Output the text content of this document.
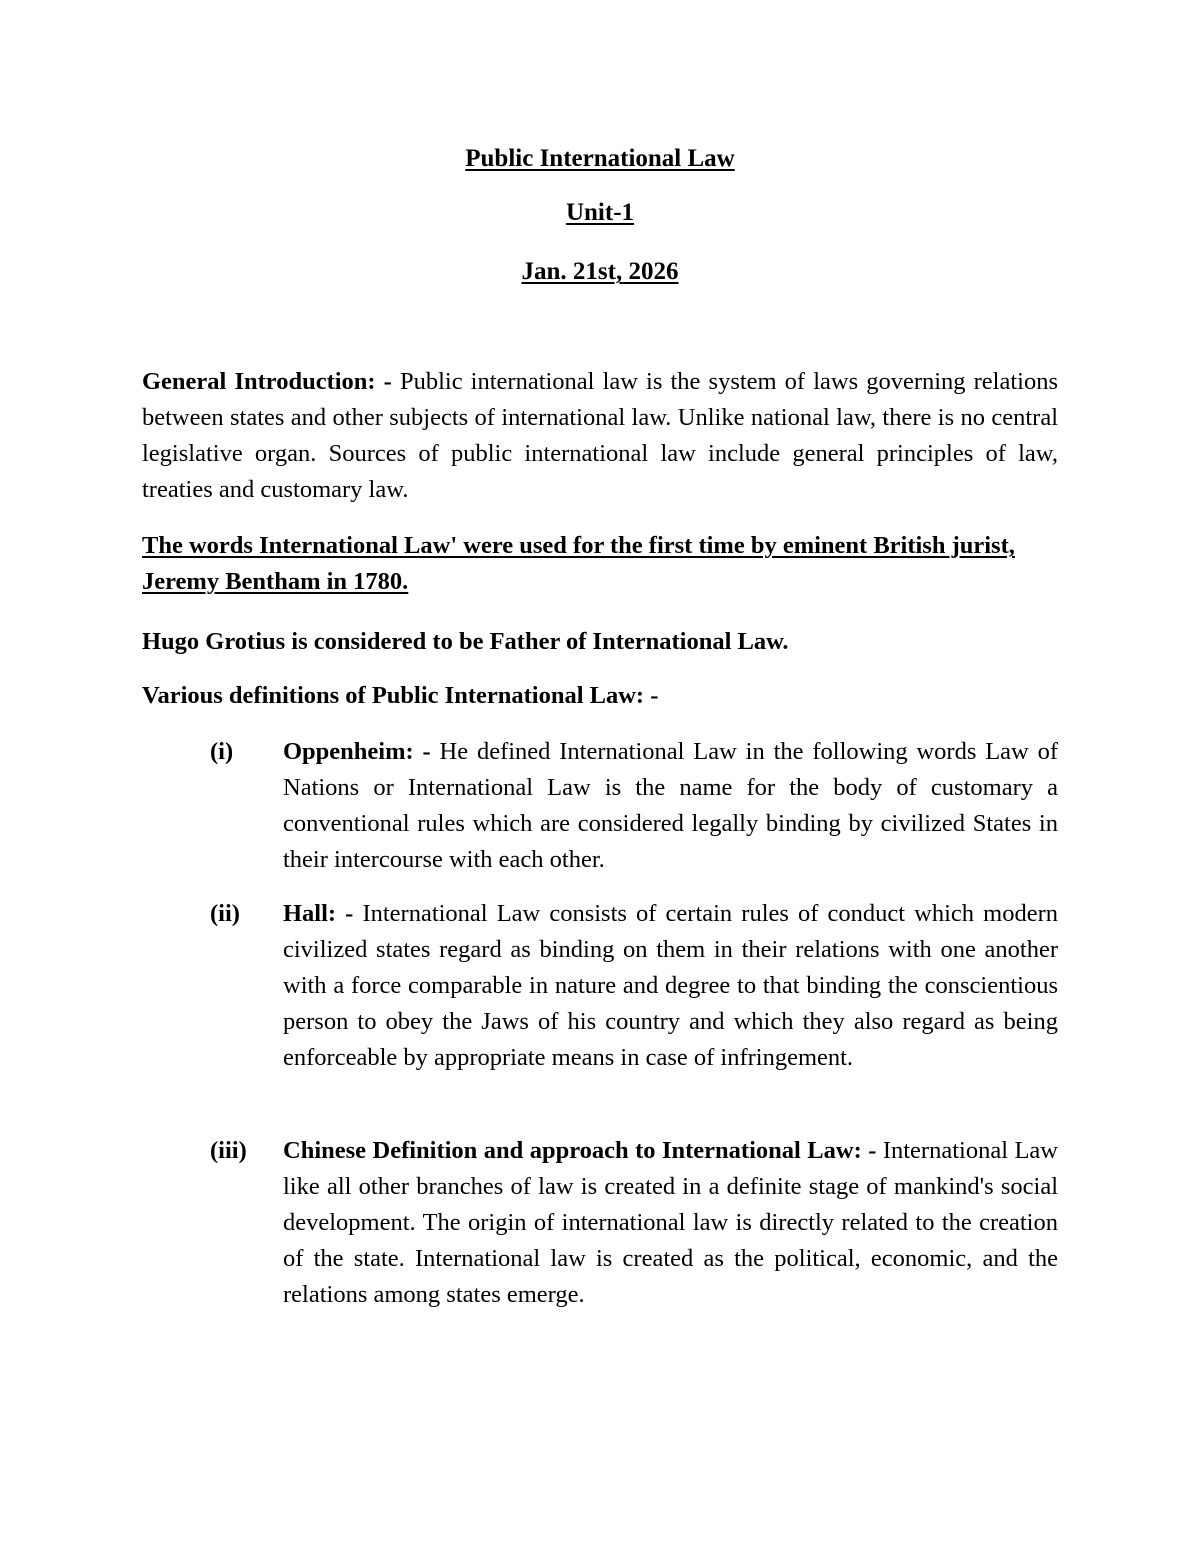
Public International Law
Unit-1
Jan. 21st, 2026

General Introduction: - Public international law is the system of laws governing relations between states and other subjects of international law. Unlike national law, there is no central legislative organ. Sources of public international law include general principles of law, treaties and customary law.

The words International Law' were used for the first time by eminent British jurist, Jeremy Bentham in 1780.

Hugo Grotius is considered to be Father of International Law.

Various definitions of Public International Law: -

(i)	Oppenheim: - He defined International Law in the following words Law of Nations or International Law is the name for the body of customary a conventional rules which are considered legally binding by civilized States in their intercourse with each other.

(ii)	Hall: - International Law consists of certain rules of conduct which modern civilized states regard as binding on them in their relations with one another with a force comparable in nature and degree to that binding the conscientious person to obey the Jaws of his country and which they also regard as being enforceable by appropriate means in case of infringement.

(iii)	Chinese Definition and approach to International Law: - International Law like all other branches of law is created in a definite stage of mankind's social development. The origin of international law is directly related to the creation of the state. International law is created as the political, economic, and the relations among states emerge.
